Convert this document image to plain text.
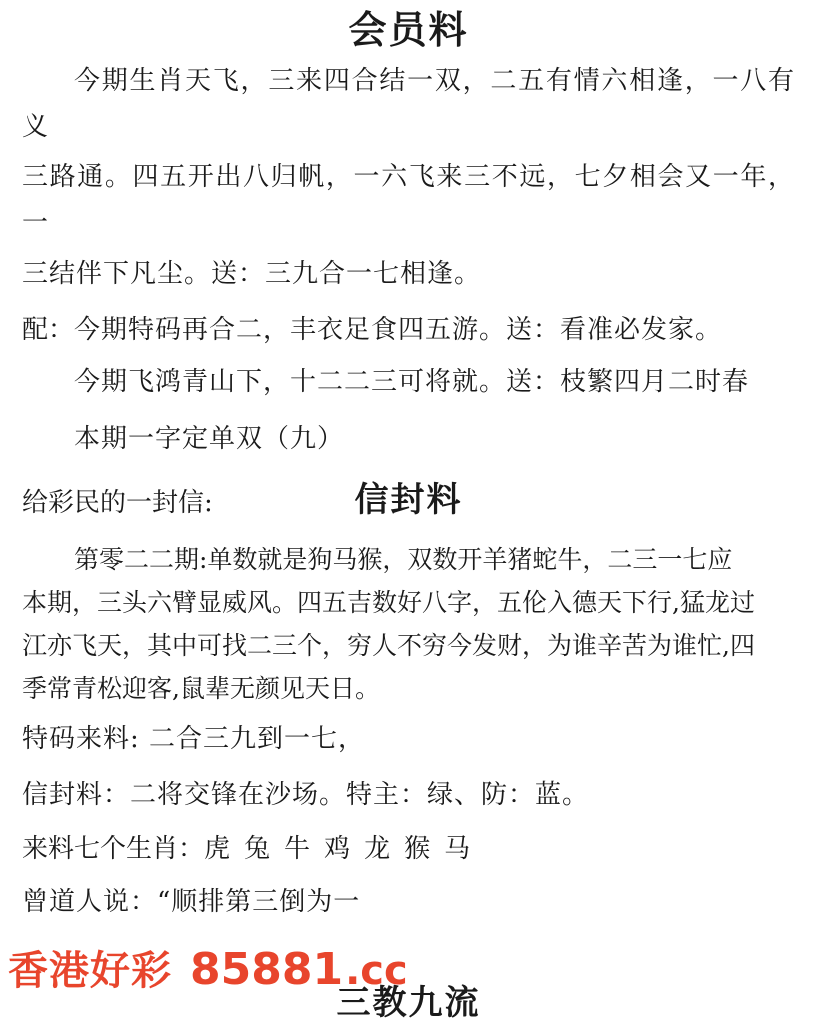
会员料
今期生肖天飞，三来四合结一双，二五有情六相逢，一八有义
三路通。四五开出八归帆，一六飞来三不远，七夕相会又一年，一
三结伴下凡尘。送：三九合一七相逢。
配： 今期特码再合二，丰衣足食四五游。送：看准必发家。
今期飞鸿青山下，十二二三可将就。送：枝繁四月二时春
本期一字定单双（九）
给彩民的一封信:	信封料
第零二二期:单数就是狗马猴，双数开羊猪蛇牛，二三一七应
本期，三头六臂显威风。四五吉数好八字，五伦入德天下行,猛龙过
江亦飞天，其中可找二三个，穷人不穷今发财，为谁辛苦为谁忙,四
季常青松迎客,鼠辈无颜见天日。
特码来料: 二合三九到一七，
信封料：二将交锋在沙场。特主：绿、防：蓝。
来料七个生肖： 虎 兔 牛 鸡 龙 猴 马
曾道人说：“顺排第三倒为一
三教九流
香港好彩 85881 .cc
